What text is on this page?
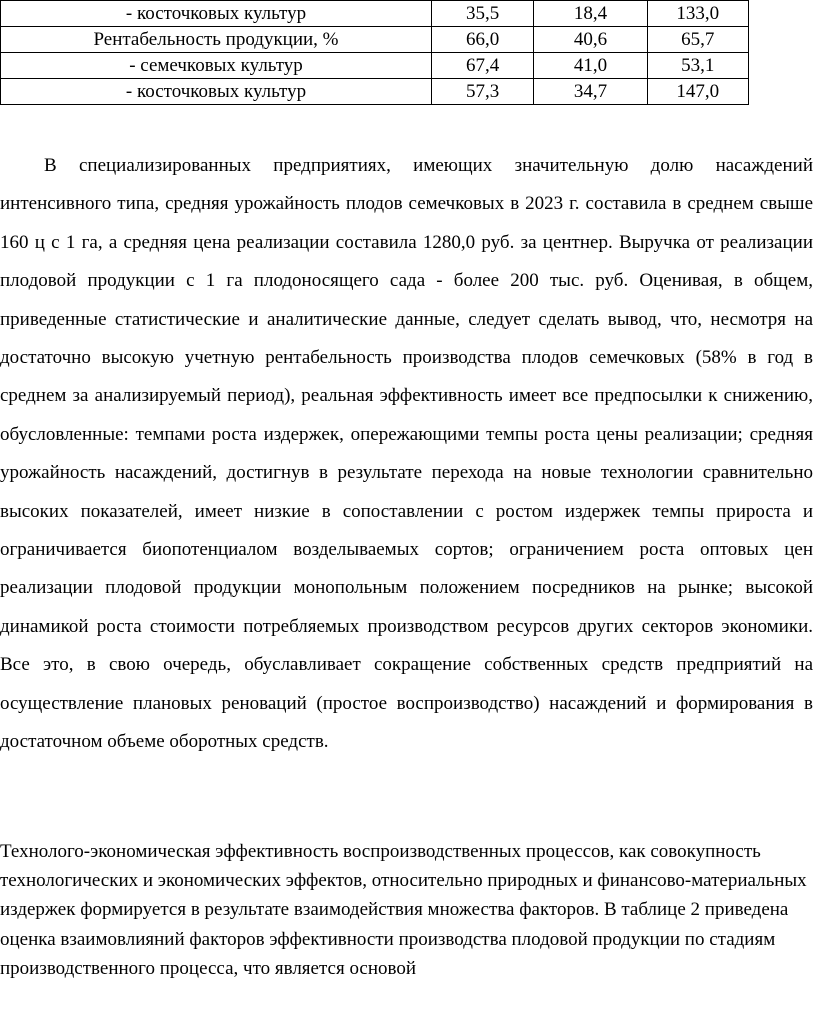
- косточковых культур	35,5	18,4	133,0
Рентабельность продукции, %	66,0	40,6	65,7
- семечковых культур	67,4	41,0	53,1
- косточковых культур	57,3	34,7	147,0

В специализированных предприятиях, имеющих значительную долю насаждений интенсивного типа, средняя урожайность плодов семечковых в 2023 г. составила в среднем свыше 160 ц с 1 га, а средняя цена реализации составила 1280,0 руб. за центнер. Выручка от реализации плодовой продукции с 1 га плодоносящего сада - более 200 тыс. руб. Оценивая, в общем, приведенные статистические и аналитические данные, следует сделать вывод, что, несмотря на достаточно высокую учетную рентабельность производства плодов семечковых (58% в год в среднем за анализируемый период), реальная эффективность имеет все предпосылки к снижению, обусловленные: темпами роста издержек, опережающими темпы роста цены реализации; средняя урожайность насаждений, достигнув в результате перехода на новые технологии сравнительно высоких показателей, имеет низкие в сопоставлении с ростом издержек темпы прироста и ограничивается биопотенциалом возделываемых сортов; ограничением роста оптовых цен реализации плодовой продукции монопольным положением посредников на рынке; высокой динамикой роста стоимости потребляемых производством ресурсов других секторов экономики. Все это, в свою очередь, обуславливает сокращение собственных средств предприятий на осуществление плановых реноваций (простое воспроизводство) насаждений и формирования в достаточном объеме оборотных средств.

Технолого-экономическая эффективность воспроизводственных процессов, как совокупность технологических и экономических эффектов, относительно природных и финансово-материальных издержек формируется в результате взаимодействия множества факторов. В таблице 2 приведена оценка взаимовлияний факторов эффективности производства плодовой продукции по стадиям производственного процесса, что является основой
